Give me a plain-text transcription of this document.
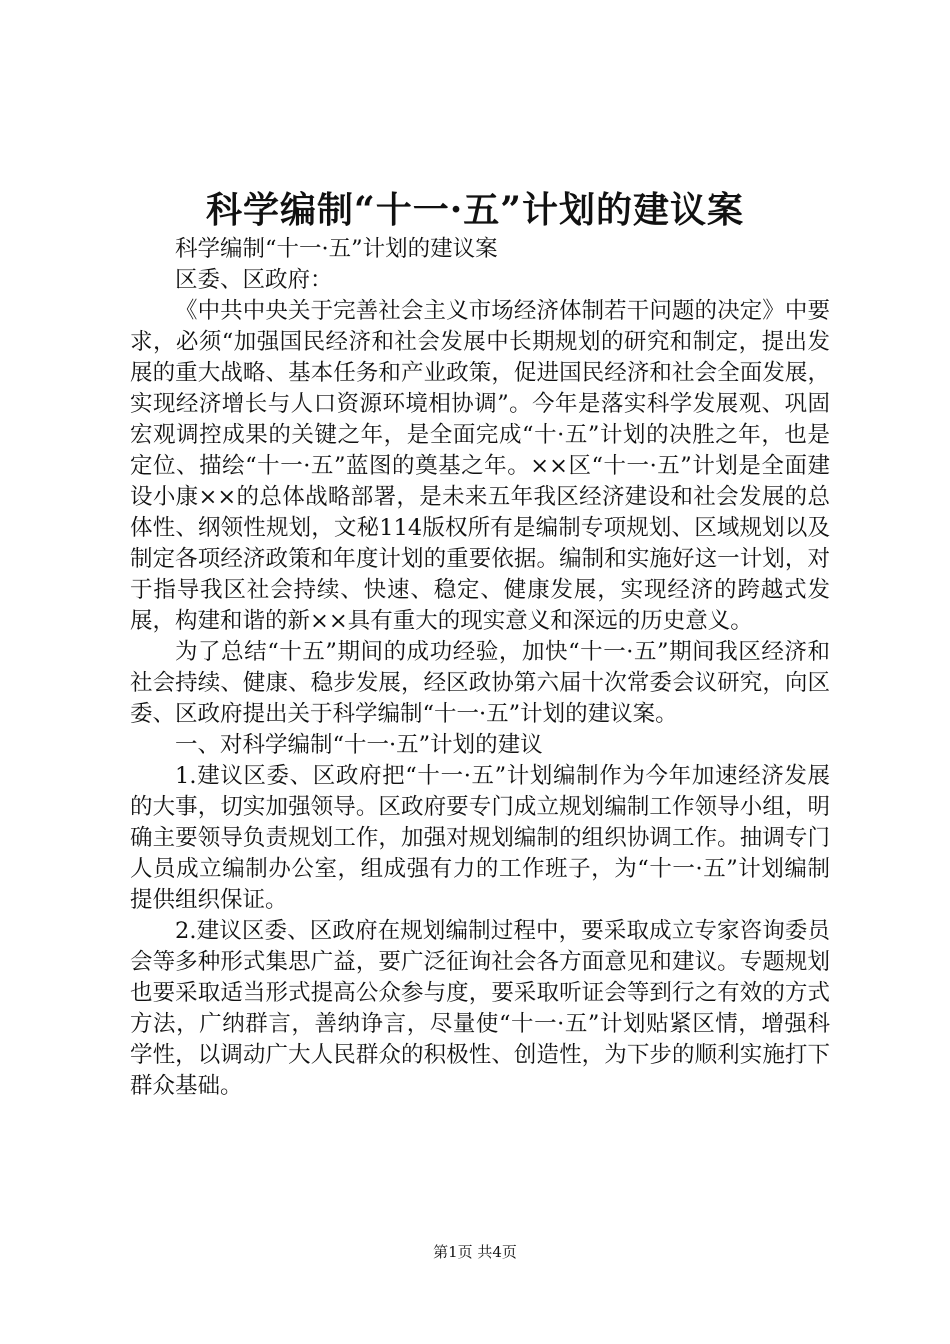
科学编制“十一·五”计划的建议案

科学编制“十一·五”计划的建议案

区委、区政府：

《中共中央关于完善社会主义市场经济体制若干问题的决定》中要求，必须“加强国民经济和社会发展中长期规划的研究和制定，提出发展的重大战略、基本任务和产业政策，促进国民经济和社会全面发展，实现经济增长与人口资源环境相协调”。今年是落实科学发展观、巩固宏观调控成果的关键之年，是全面完成“十·五”计划的决胜之年，也是定位、描绘“十一·五”蓝图的奠基之年。××区“十一·五”计划是全面建设小康××的总体战略部署，是未来五年我区经济建设和社会发展的总体性、纲领性规划，文秘114版权所有是编制专项规划、区域规划以及制定各项经济政策和年度计划的重要依据。编制和实施好这一计划，对于指导我区社会持续、快速、稳定、健康发展，实现经济的跨越式发展，构建和谐的新××具有重大的现实意义和深远的历史意义。

为了总结“十五”期间的成功经验，加快“十一·五”期间我区经济和社会持续、健康、稳步发展，经区政协第六届十次常委会议研究，向区委、区政府提出关于科学编制“十一·五”计划的建议案。

一、对科学编制“十一·五”计划的建议

1.建议区委、区政府把“十一·五”计划编制作为今年加速经济发展的大事，切实加强领导。区政府要专门成立规划编制工作领导小组，明确主要领导负责规划工作，加强对规划编制的组织协调工作。抽调专门人员成立编制办公室，组成强有力的工作班子，为“十一·五”计划编制提供组织保证。

2.建议区委、区政府在规划编制过程中，要采取成立专家咨询委员会等多种形式集思广益，要广泛征询社会各方面意见和建议。专题规划也要采取适当形式提高公众参与度，要采取听证会等到行之有效的方式方法，广纳群言，善纳诤言，尽量使“十一·五”计划贴紧区情，增强科学性，以调动广大人民群众的积极性、创造性，为下步的顺利实施打下群众基础。

第1页 共4页
